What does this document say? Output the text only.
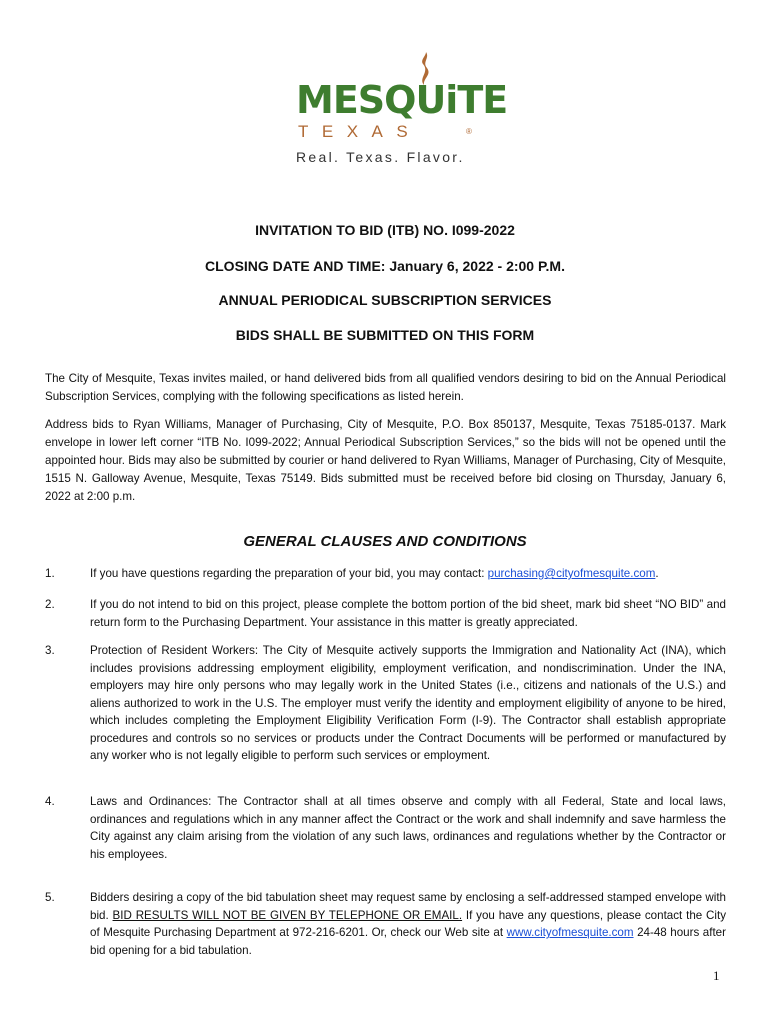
MESQUiTE
TEXAS	®
Real. Texas. Flavor.
INVITATION TO BID (ITB) NO. I099-2022
CLOSING DATE AND TIME: January 6, 2022 - 2:00 P.M.
ANNUAL PERIODICAL SUBSCRIPTION SERVICES
BIDS SHALL BE SUBMITTED ON THIS FORM

The City of Mesquite, Texas invites mailed, or hand delivered bids from all qualified vendors desiring to bid on the Annual Periodical Subscription Services, complying with the following specifications as listed herein.

Address bids to Ryan Williams, Manager of Purchasing, City of Mesquite, P.O. Box 850137, Mesquite, Texas 75185-0137. Mark envelope in lower left corner “ITB No. I099-2022; Annual Periodical Subscription Services,” so the bids will not be opened until the appointed hour. Bids may also be submitted by courier or hand delivered to Ryan Williams, Manager of Purchasing, City of Mesquite, 1515 N. Galloway Avenue, Mesquite, Texas 75149. Bids submitted must be received before bid closing on Thursday, January 6, 2022 at 2:00 p.m.

GENERAL CLAUSES AND CONDITIONS
1.	If you have questions regarding the preparation of your bid, you may contact: purchasing@cityofmesquite.com.

2.	If you do not intend to bid on this project, please complete the bottom portion of the bid sheet, mark bid sheet “NO BID” and return form to the Purchasing Department. Your assistance in this matter is greatly appreciated.

3.	Protection of Resident Workers: The City of Mesquite actively supports the Immigration and Nationality Act (INA), which includes provisions addressing employment eligibility, employment verification, and nondiscrimination. Under the INA, employers may hire only persons who may legally work in the United States (i.e., citizens and nationals of the U.S.) and aliens authorized to work in the U.S. The employer must verify the identity and employment eligibility of anyone to be hired, which includes completing the Employment Eligibility Verification Form (I-9). The Contractor shall establish appropriate procedures and controls so no services or products under the Contract Documents will be performed or manufactured by any worker who is not legally eligible to perform such services or employment.

4.	Laws and Ordinances: The Contractor shall at all times observe and comply with all Federal, State and local laws, ordinances and regulations which in any manner affect the Contract or the work and shall indemnify and save harmless the City against any claim arising from the violation of any such laws, ordinances and regulations whether by the Contractor or his employees.

5.	Bidders desiring a copy of the bid tabulation sheet may request same by enclosing a self-addressed stamped envelope with bid. BID RESULTS WILL NOT BE GIVEN BY TELEPHONE OR EMAIL. If you have any questions, please contact the City of Mesquite Purchasing Department at 972-216-6201. Or, check our Web site at www.cityofmesquite.com 24-48 hours after bid opening for a bid tabulation.

1
